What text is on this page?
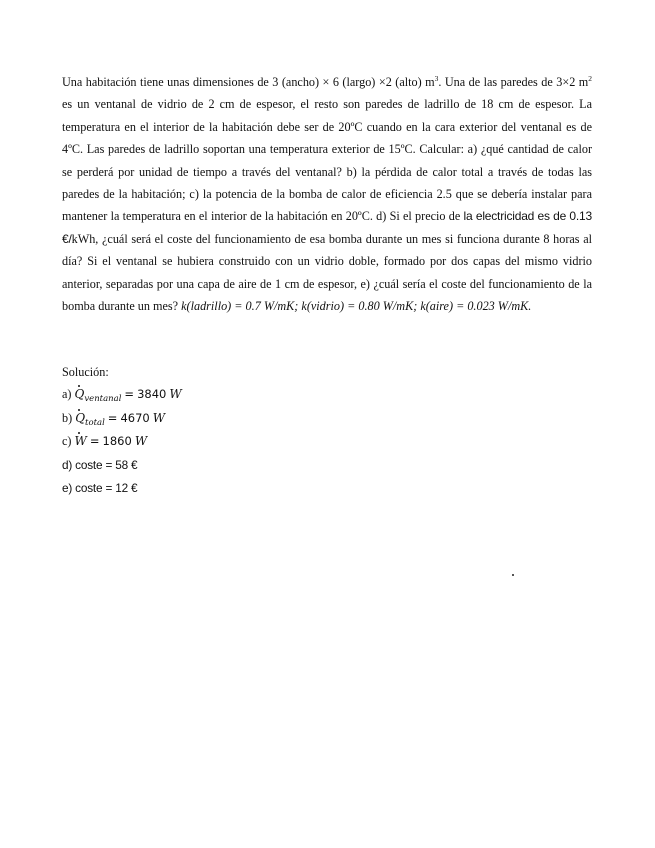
Una habitación tiene unas dimensiones de 3 (ancho) × 6 (largo) ×2 (alto) $m^3$. Una de las paredes de 3×2 $m^2$ es un ventanal de vidrio de 2 cm de espesor, el resto son paredes de ladrillo de 18 cm de espesor. La temperatura en el interior de la habitación debe ser de 20ºC cuando en la cara exterior del ventanal es de 4ºC. Las paredes de ladrillo soportan una temperatura exterior de 15ºC. Calcular: a) ¿qué cantidad de calor se perderá por unidad de tiempo a través del ventanal? b) la pérdida de calor total a través de todas las paredes de la habitación; c) la potencia de la bomba de calor de eficiencia 2.5 que se debería instalar para mantener la temperatura en el interior de la habitación en 20ºC. d) Si el precio de la electricidad es de 0.13 €/kWh, ¿cuál será el coste del funcionamiento de esa bomba durante un mes si funciona durante 8 horas al día? Si el ventanal se hubiera construido con un vidrio doble, formado por dos capas del mismo vidrio anterior, separadas por una capa de aire de 1 cm de espesor, e) ¿cuál sería el coste del funcionamiento de la bomba durante un mes? k(ladrillo) = 0.7 W/mK; k(vidrio) = 0.80 W/mK; k(aire) = 0.023 W/mK.

Solución:
a) $Q_{ventanal} = 3840$ W
b) $Q_{total} = 4670$ W
c) W = 1860 W
d) coste = 58 €
e) coste = 12 €
